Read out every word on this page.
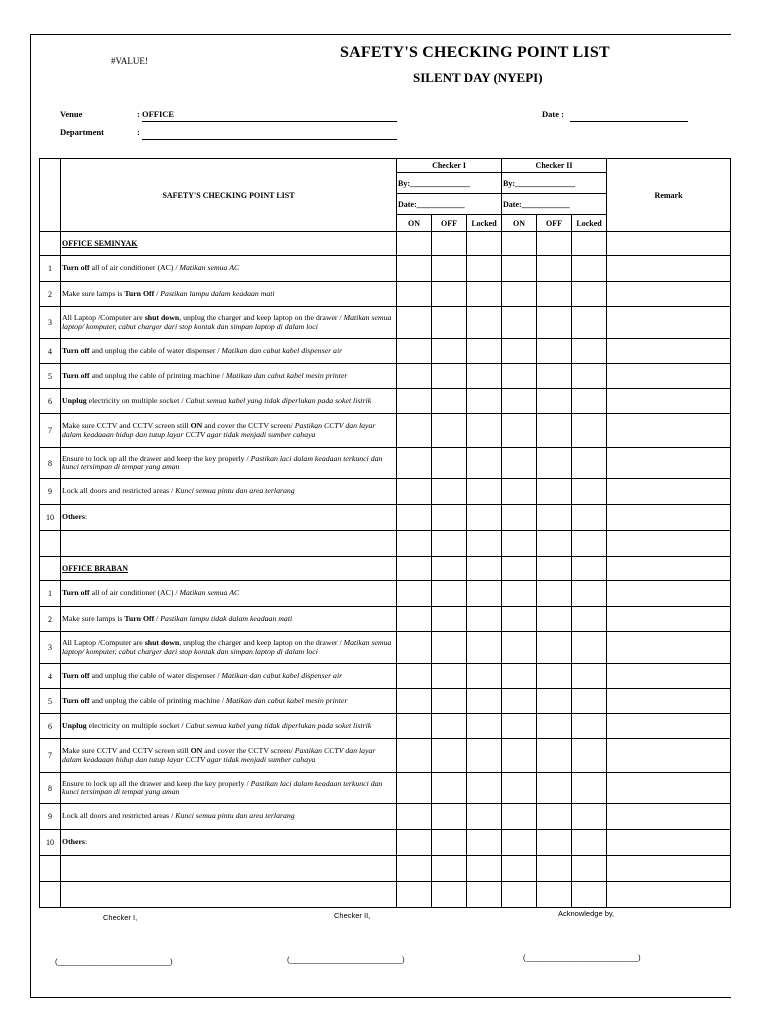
#VALUE!	SAFETY'S CHECKING POINT LIST
SILENT DAY (NYEPI)
Venue	: OFFICE
Department	:
Date :
	SAFETY'S CHECKING POINT LIST	Checker I			Checker II			Remark
		By:_______________			By:_______________			
		Date:____________			Date:____________			
		ON	OFF	Locked	ON	OFF	Locked	
	OFFICE SEMINYAK							
1	Turn off all of air conditioner (AC) / Matikan semua AC							
2	Make sure lamps is Turn Off / Pastikan lampu dalam keadaan mati							
3	All Laptop /Computer are shut down, unplug the charger and keep laptop on the drawer / Matikan semua laptop/ komputer, cabut charger dari stop kontak dan simpan laptop di dalam loci							
4	Turn off and unplug the cable of water dispenser / Matikan dan cabut kabel dispenser air							
5	Turn off and unplug the cable of printing machine / Matikan dan cabut kabel mesin printer							
6	Unplug electricity on multiple socket / Cabut semua kabel yang tidak diperlukan pada soket listrik							
7	Make sure CCTV and CCTV screen still ON and cover the CCTV screen/ Pastikan CCTV dan layar dalam keadaaan hidup dan tutup layar CCTV agar tidak menjadi sumber cahaya							
8	Ensure to lock up all the drawer and keep the key properly / Pastikan laci dalam keadaan terkunci dan kunci tersimpan di tempat yang aman							
9	Lock all doors and restricted areas / Kunci semua pintu dan area terlarang							
10	Others:							

	OFFICE BRABAN							
1	Turn off all of air conditioner (AC) / Matikan semua AC							
2	Make sure lamps is Turn Off / Pastikan lampu tidak dalam keadaan mati							
3	All Laptop /Computer are shut down, unplug the charger and keep laptop on the drawer / Matikan semua laptop/ komputer, cabut charger dari stop kontak dan simpan laptop di dalam loci							
4	Turn off and unplug the cable of water dispenser / Matikan dan cabut kabel dispenser air							
5	Turn off and unplug the cable of printing machine / Matikan dan cabut kabel mesin printer							
6	Unplug electricity on multiple socket / Cabut semua kabel yang tidak diperlukan pada soket listrik							
7	Make sure CCTV and CCTV screen still ON and cover the CCTV screen/ Pastikan CCTV dan layar dalam keadaaan hidup dan tutup layar CCTV agar tidak menjadi sumber cahaya							
8	Ensure to lock up all the drawer and keep the key properly / Pastikan laci dalam keadaan terkunci dan kunci tersimpan di tempat yang aman							
9	Lock all doors and restricted areas / Kunci semua pintu dan area terlarang							
10	Others:							

Checker I,	Checker II,	Acknowledge by,
(___________________________)	(___________________________)	(___________________________)
